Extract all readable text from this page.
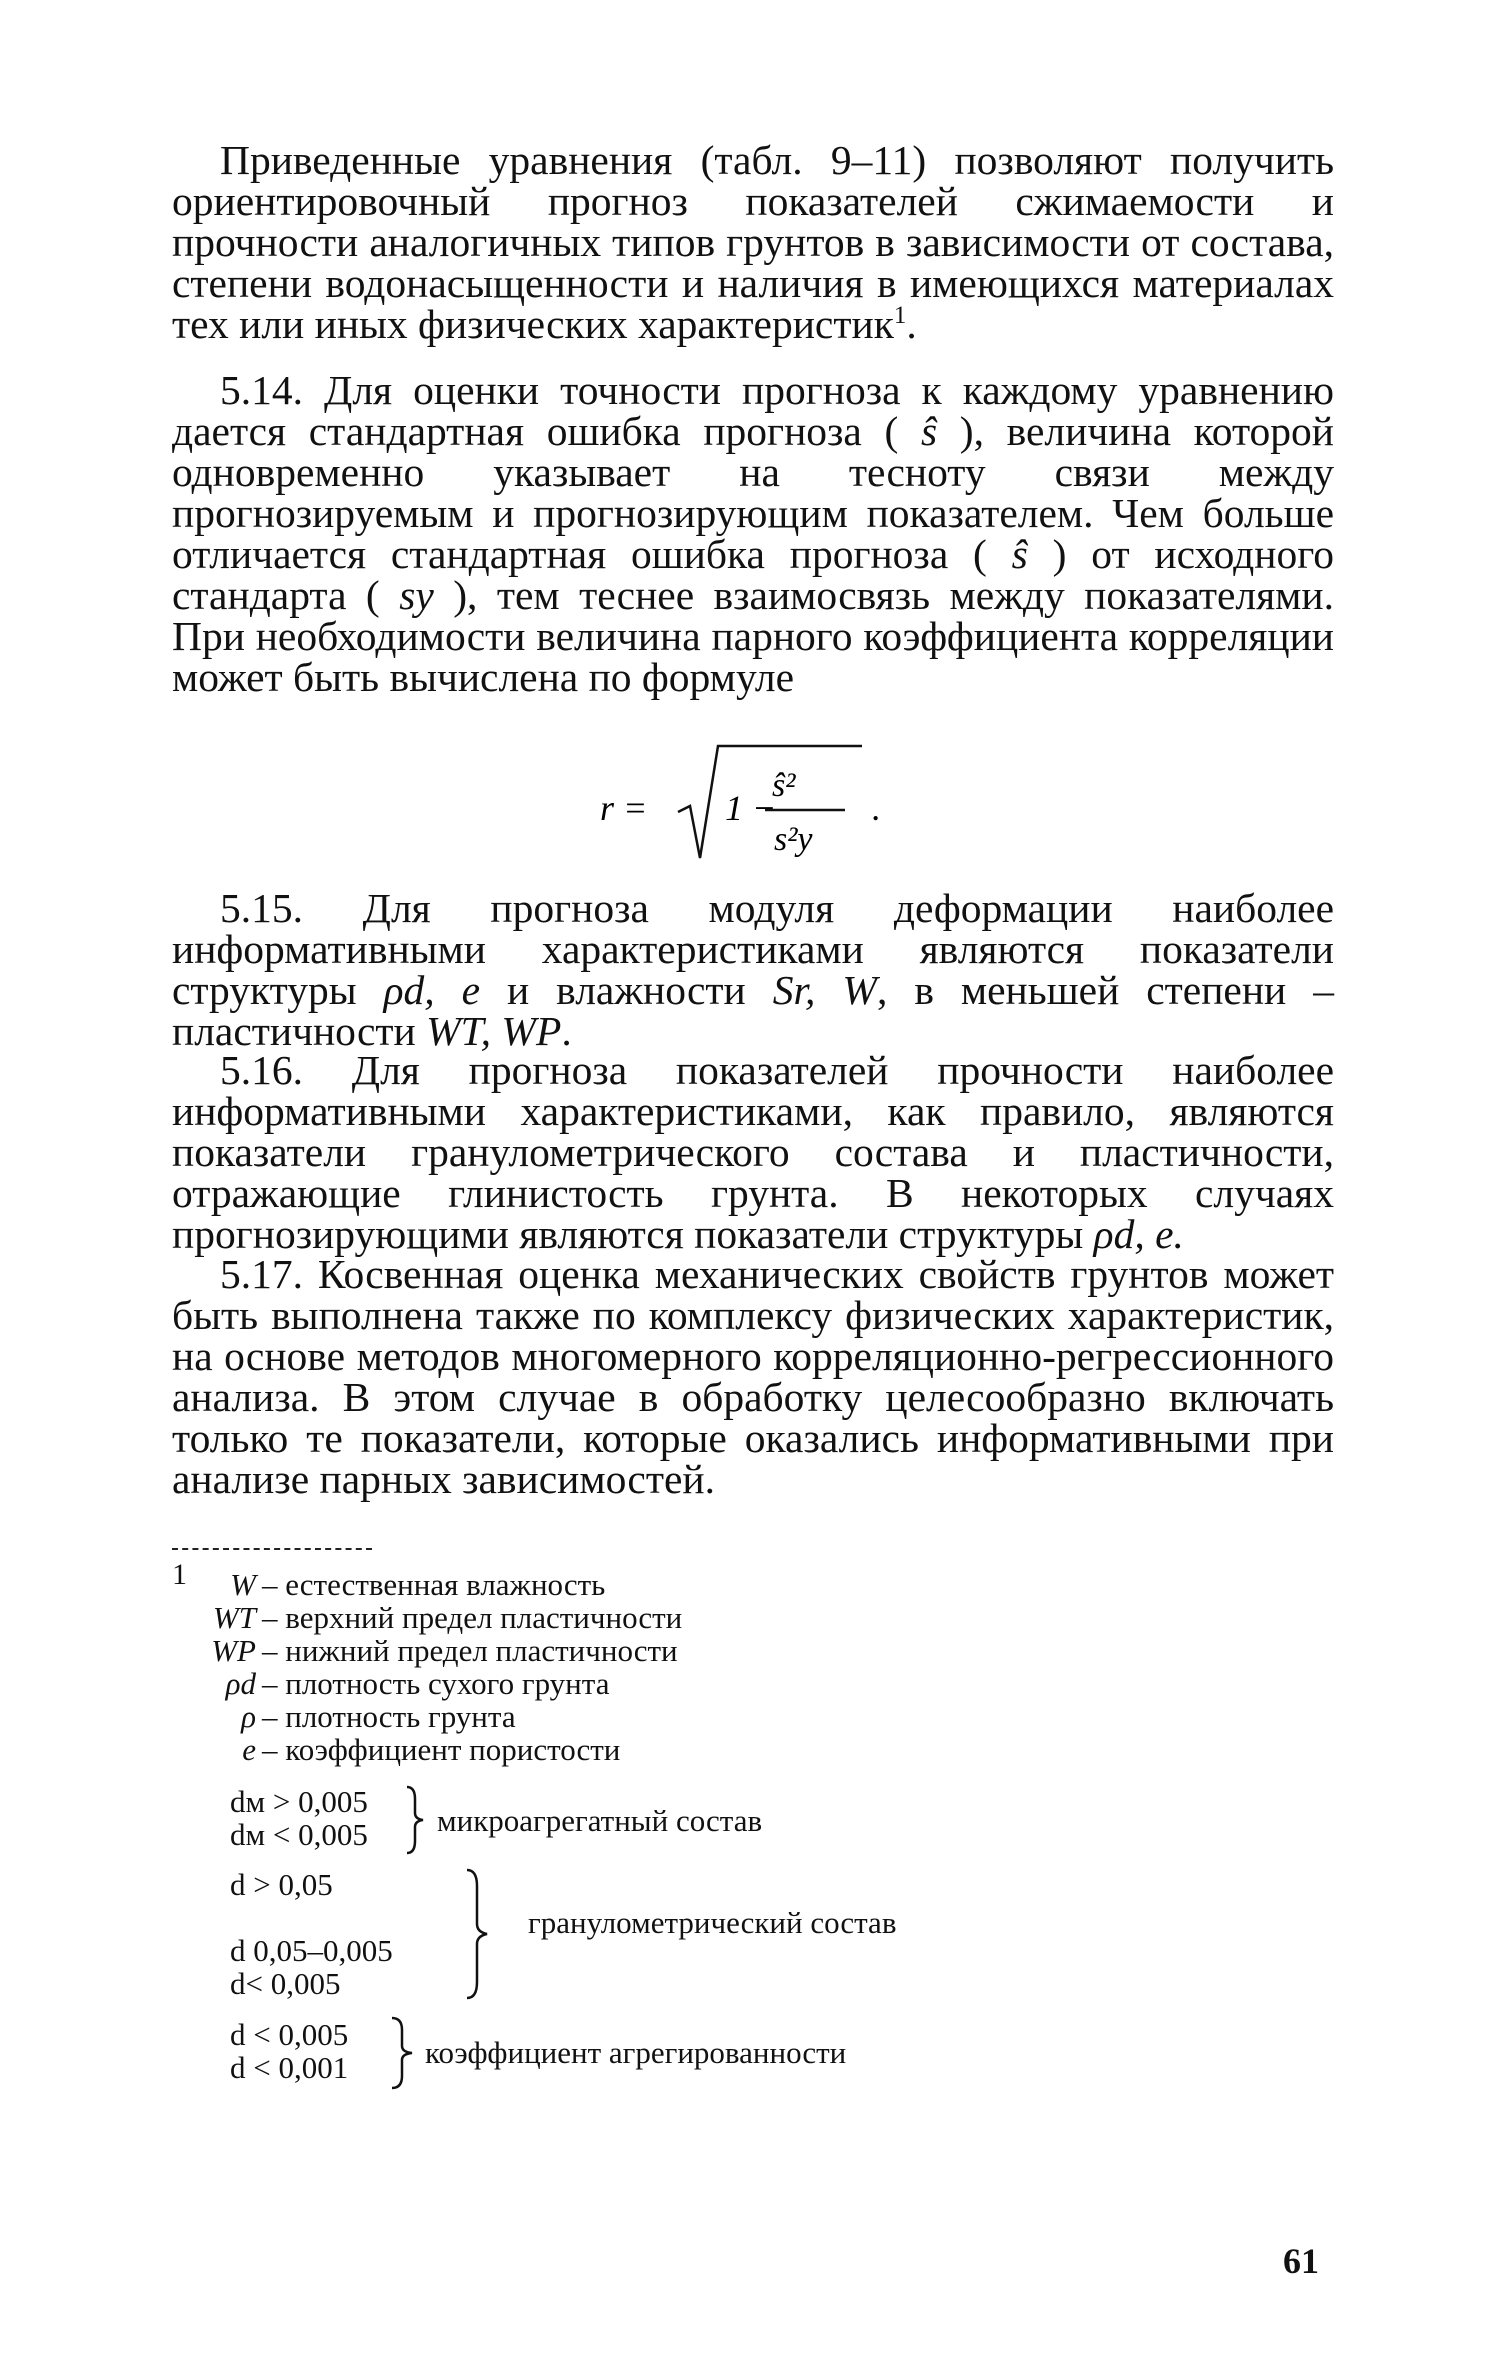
Приведенные уравнения (табл. 9–11) позволяют получить ориентировочный прогноз показателей сжимаемости и прочности аналогичных типов грунтов в зависимости от состава, степени водонасыщенности и наличия в имеющихся материалах тех или иных физических характеристик$^1$.
5.14. Для оценки точности прогноза к каждому уравнению дается стандартная ошибка прогноза ( ŝ ), величина которой одновременно указывает на тесноту связи между прогнозируемым и прогнозирующим показателем. Чем больше отличается стандартная ошибка прогноза ( ŝ ) от исходного стандарта ( sy ), тем теснее взаимосвязь между показателями. При необходимости величина парного коэффициента корреляции может быть вычислена по формуле
r = 1 −
ŝ²
s²y
.
5.15. Для прогноза модуля деформации наиболее информативными характеристиками являются показатели структуры ρd, e и влажности Sr, W, в меньшей степени – пластичности WT, WP.
5.16. Для прогноза показателей прочности наиболее информативными характеристиками, как правило, являются показатели гранулометрического состава и пластичности, отражающие глинистость грунта. В некоторых случаях прогнозирующими являются показатели структуры ρd, e.
5.17. Косвенная оценка механических свойств грунтов может быть выполнена также по комплексу физических характеристик, на основе методов многомерного корреляционно-регрессионного анализа. В этом случае в обработку целесообразно включать только те показатели, которые оказались информативными при анализе парных зависимостей.
1	W – естественная влажность
WT – верхний предел пластичности
WP – нижний предел пластичности
ρd – плотность сухого грунта
ρ – плотность грунта
e – коэффициент пористости
dм > 0,005
dм < 0,005 микроагрегатный состав
d > 0,05
d 0,05–0,005
d< 0,005
гранулометрический состав
d < 0,005
d < 0,001 коэффициент агрегированности
61
